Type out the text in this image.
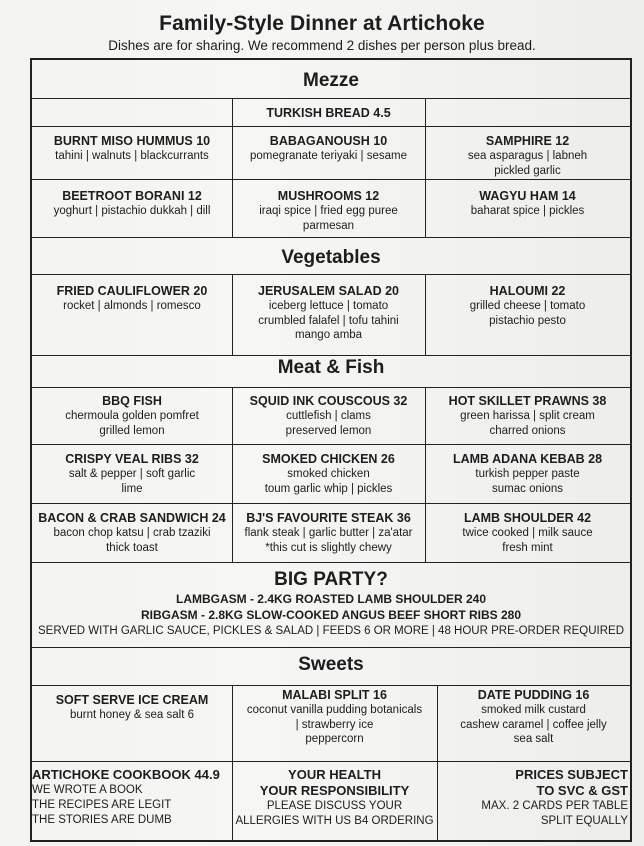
Family-Style Dinner at Artichoke
Dishes are for sharing. We recommend 2 dishes per person plus bread.
Mezze
TURKISH BREAD 4.5
BURNT MISO HUMMUS 10
tahini | walnuts | blackcurrants
BABAGANOUSH 10
pomegranate teriyaki | sesame
SAMPHIRE 12
sea asparagus | labneh
pickled garlic
BEETROOT BORANI 12
yoghurt | pistachio dukkah | dill
MUSHROOMS 12
iraqi spice | fried egg puree
parmesan
WAGYU HAM 14
baharat spice | pickles
Vegetables
FRIED CAULIFLOWER 20
rocket | almonds | romesco
JERUSALEM SALAD 20
iceberg lettuce | tomato
crumbled falafel | tofu tahini
mango amba
HALOUMI 22
grilled cheese | tomato
pistachio pesto
Meat & Fish
BBQ FISH
chermoula golden pomfret
grilled lemon
SQUID INK COUSCOUS 32
cuttlefish | clams
preserved lemon
HOT SKILLET PRAWNS 38
green harissa | split cream
charred onions
CRISPY VEAL RIBS 32
salt & pepper | soft garlic
lime
SMOKED CHICKEN 26
smoked chicken
toum garlic whip | pickles
LAMB ADANA KEBAB 28
turkish pepper paste
sumac onions
BACON & CRAB SANDWICH 24
bacon chop katsu | crab tzaziki
thick toast
BJ'S FAVOURITE STEAK 36
flank steak | garlic butter | za'atar
*this cut is slightly chewy
LAMB SHOULDER 42
twice cooked | milk sauce
fresh mint
BIG PARTY?
LAMBGASM - 2.4KG ROASTED LAMB SHOULDER 240
RIBGASM - 2.8KG SLOW-COOKED ANGUS BEEF SHORT RIBS 280
SERVED WITH GARLIC SAUCE, PICKLES & SALAD | FEEDS 6 OR MORE | 48 HOUR PRE-ORDER REQUIRED
Sweets
SOFT SERVE ICE CREAM
burnt honey & sea salt 6
MALABI SPLIT 16
coconut vanilla pudding botanicals
| strawberry ice
peppercorn
DATE PUDDING 16
smoked milk custard
cashew caramel | coffee jelly
sea salt
ARTICHOKE COOKBOOK 44.9
WE WROTE A BOOK
THE RECIPES ARE LEGIT
THE STORIES ARE DUMB
YOUR HEALTH
YOUR RESPONSIBILITY
PLEASE DISCUSS YOUR
ALLERGIES WITH US B4 ORDERING
PRICES SUBJECT
TO SVC & GST
MAX. 2 CARDS PER TABLE
SPLIT EQUALLY
